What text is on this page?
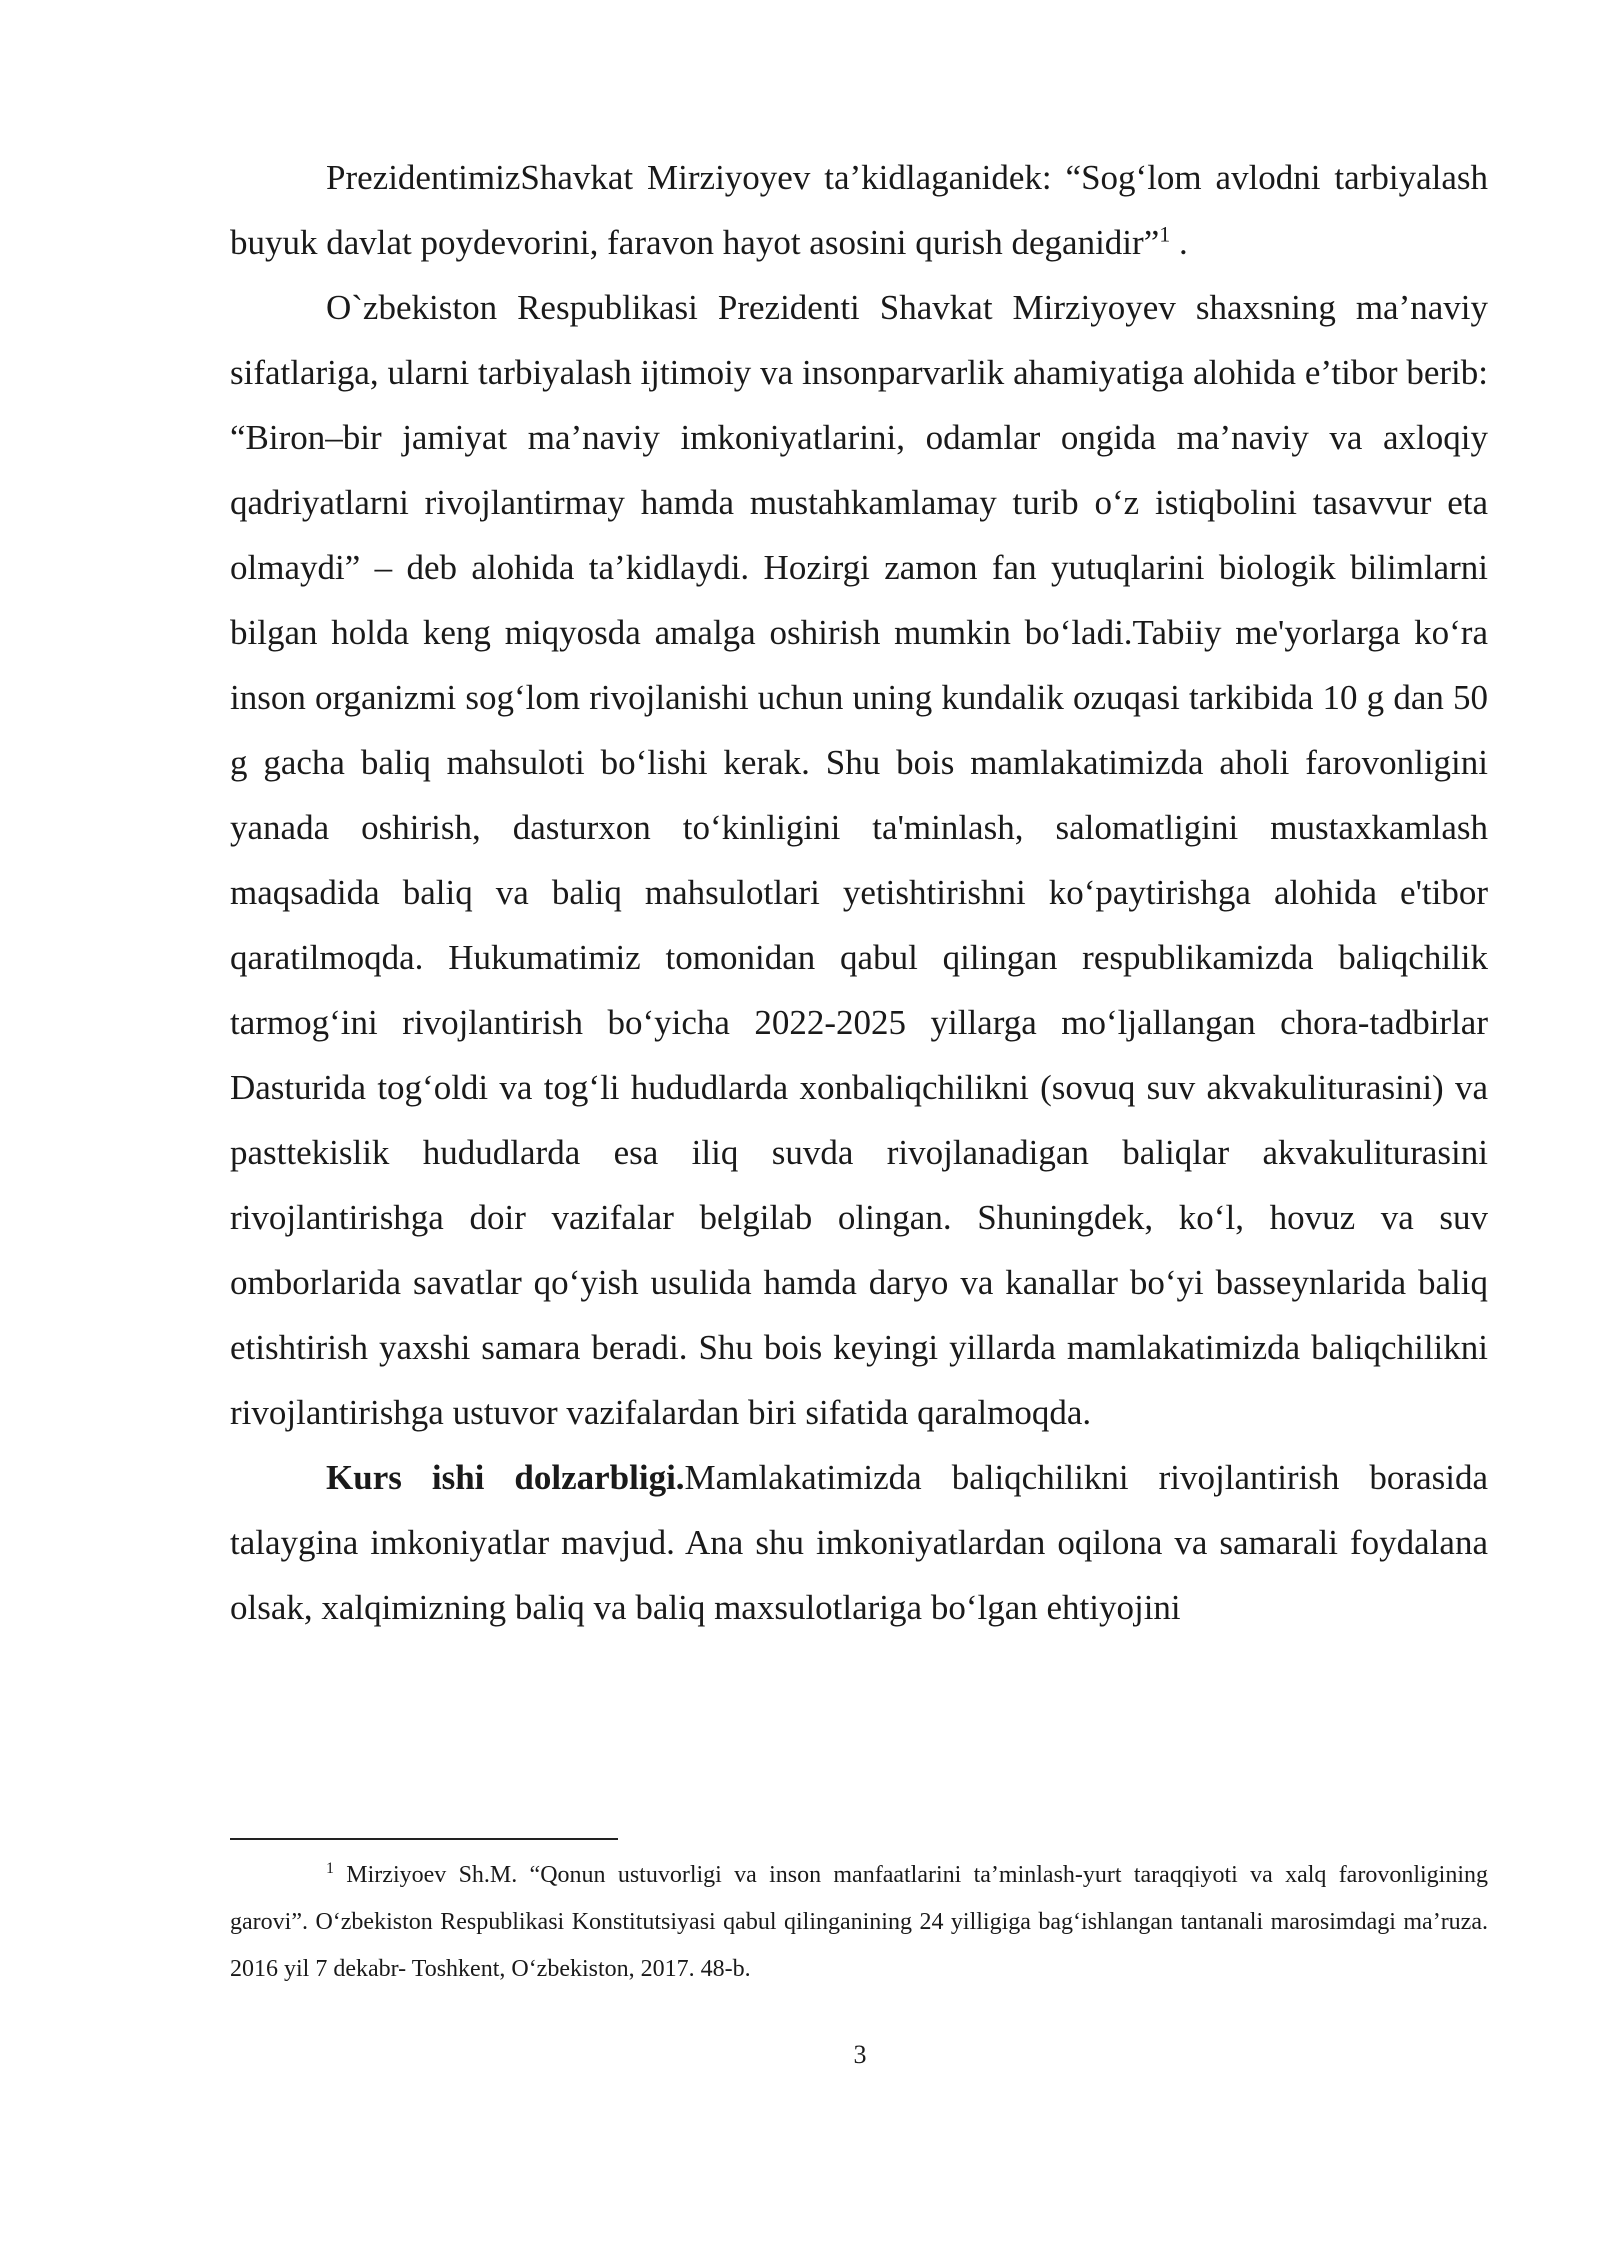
PrezidentimizShavkat Mirziyoyev ta’kidlaganidek: “Sog‘lom avlodni tarbiyalash buyuk davlat poydevorini, faravon hayot asosini qurish deganidir”$^1$ .

O`zbekiston Respublikasi Prezidenti Shavkat Mirziyoyev shaxsning ma’naviy sifatlariga, ularni tarbiyalash ijtimoiy va insonparvarlik ahamiyatiga alohida e’tibor berib: “Biron–bir jamiyat ma’naviy imkoniyatlarini, odamlar ongida ma’naviy va axloqiy qadriyatlarni rivojlantirmay hamda mustahkamlamay turib o‘z istiqbolini tasavvur eta olmaydi” – deb alohida ta’kidlaydi. Hozirgi zamon fan yutuqlarini biologik bilimlarni bilgan holda keng miqyosda amalga oshirish mumkin bo‘ladi.Tabiiy me'yorlarga ko‘ra inson organizmi sog‘lom rivojlanishi uchun uning kundalik ozuqasi tarkibida 10 g dan 50 g gacha baliq mahsuloti bo‘lishi kerak. Shu bois mamlakatimizda aholi farovonligini yanada oshirish, dasturxon to‘kinligini ta'minlash, salomatligini mustaxkamlash maqsadida baliq va baliq mahsulotlari yetishtirishni ko‘paytirishga alohida e'tibor qaratilmoqda. Hukumatimiz tomonidan qabul qilingan respublikamizda baliqchilik tarmog‘ini rivojlantirish bo‘yicha 2022-2025 yillarga mo‘ljallangan chora-tadbirlar Dasturida tog‘oldi va tog‘li hududlarda xonbaliqchilikni (sovuq suv akvakuliturasini) va pasttekislik hududlarda esa iliq suvda rivojlanadigan baliqlar akvakuliturasini rivojlantirishga doir vazifalar belgilab olingan. Shuningdek, ko‘l, hovuz va suv omborlarida savatlar qo‘yish usulida hamda daryo va kanallar bo‘yi basseynlarida baliq etishtirish yaxshi samara beradi. Shu bois keyingi yillarda mamlakatimizda baliqchilikni rivojlantirishga ustuvor vazifalardan biri sifatida qaralmoqda.

Kurs ishi dolzarbligi.Mamlakatimizda baliqchilikni rivojlantirish borasida talaygina imkoniyatlar mavjud. Ana shu imkoniyatlardan oqilona va samarali foydalana olsak, xalqimizning baliq va baliq maxsulotlariga bo‘lgan ehtiyojini

$^1$ Mirziyoev Sh.M. “Qonun ustuvorligi va inson manfaatlarini ta’minlash-yurt taraqqiyoti va xalq farovonligining garovi”. O‘zbekiston Respublikasi Konstitutsiyasi qabul qilinganining 24 yilligiga bag‘ishlangan tantanali marosimdagi ma’ruza. 2016 yil 7 dekabr- Toshkent, O‘zbekiston, 2017. 48-b.

3
